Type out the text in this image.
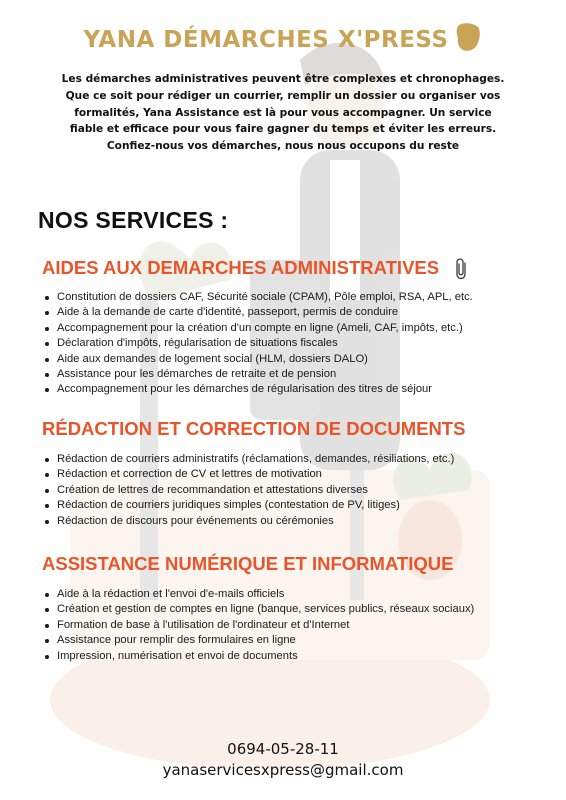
YANA DÉMARCHES X'PRESS
Les démarches administratives peuvent être complexes et chronophages. Que ce soit pour rédiger un courrier, remplir un dossier ou organiser vos formalités, Yana Assistance est là pour vous accompagner. Un service fiable et efficace pour vous faire gagner du temps et éviter les erreurs. Confiez-nous vos démarches, nous nous occupons du reste
NOS SERVICES :
AIDES AUX DEMARCHES ADMINISTRATIVES
Constitution de dossiers CAF, Sécurité sociale (CPAM), Pôle emploi, RSA, APL, etc.
Aide à la demande de carte d'identité, passeport, permis de conduire
Accompagnement pour la création d'un compte en ligne (Ameli, CAF, impôts, etc.)
Déclaration d'impôts, régularisation de situations fiscales
Aide aux demandes de logement social (HLM, dossiers DALO)
Assistance pour les démarches de retraite et de pension
Accompagnement pour les démarches de régularisation des titres de séjour
RÉDACTION ET CORRECTION DE DOCUMENTS
Rédaction de courriers administratifs (réclamations, demandes, résiliations, etc.)
Rédaction et correction de CV et lettres de motivation
Création de lettres de recommandation et attestations diverses
Rédaction de courriers juridiques simples (contestation de PV, litiges)
Rédaction de discours pour événements ou cérémonies
ASSISTANCE NUMÉRIQUE ET INFORMATIQUE
Aide à la rédaction et l'envoi d'e-mails officiels
Création et gestion de comptes en ligne (banque, services publics, réseaux sociaux)
Formation de base à l'utilisation de l'ordinateur et d'Internet
Assistance pour remplir des formulaires en ligne
Impression, numérisation et envoi de documents
0694-05-28-11
yanaservicesxpress@gmail.com
